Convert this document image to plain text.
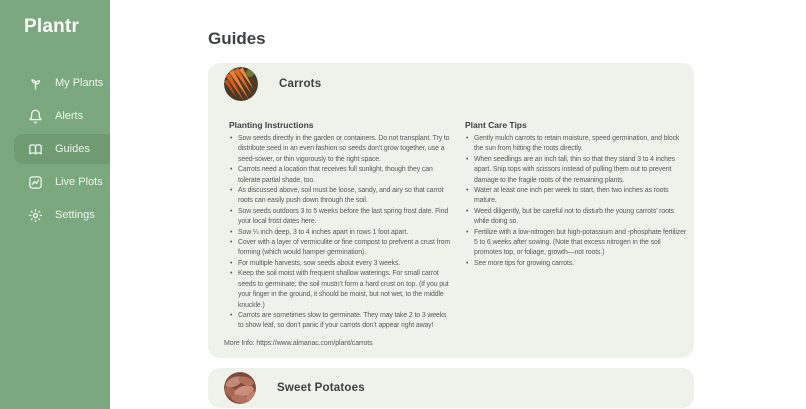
Plantr
My Plants
Alerts
Guides
Live Plots
Settings
Guides
Carrots
Planting Instructions
• Sow seeds directly in the garden or containers. Do not transplant. Try to distribute seed in an even fashion so seeds don’t grow together, use a seed-sower, or thin vigorously to the right space.
• Carrots need a location that receives full sunlight, though they can tolerate partial shade, too.
• As discussed above, soil must be loose, sandy, and airy so that carrot roots can easily push down through the soil.
• Sow seeds outdoors 3 to 5 weeks before the last spring frost date. Find your local frost dates here.
• Sow ¼ inch deep, 3 to 4 inches apart in rows 1 foot apart.
• Cover with a layer of vermiculite or fine compost to prefvent a crust from forming (which would hamper germination).
• For multiple harvests, sow seeds about every 3 weeks.
• Keep the soil moist with frequent shallow waterings. For small carrot seeds to germinate, the soil mustn’t form a hard crust on top. (If you put your finger in the ground, it should be moist, but not wet, to the middle knuckle.)
• Carrots are sometimes slow to germinate. They may take 2 to 3 weeks to show leaf, so don’t panic if your carrots don’t appear right away!
Plant Care Tips
• Gently mulch carrots to retain moisture, speed germination, and block the sun from hitting the roots directly.
• When seedlings are an inch tall, thin so that they stand 3 to 4 inches apart. Snip tops with scissors instead of pulling them out to prevent damage to the fragile roots of the remaining plants.
• Water at least one inch per week to start, then two inches as roots mature.
• Weed diligently, but be careful not to disturb the young carrots’ roots while doing so.
• Fertilize with a low-nitrogen but high-potassium and -phosphate fertilizer 5 to 6 weeks after sowing. (Note that excess nitrogen in the soil promotes top, or foliage, growth—not roots.)
• See more tips for growing carrots.
More Info: https://www.almanac.com/plant/carrots
Sweet Potatoes
